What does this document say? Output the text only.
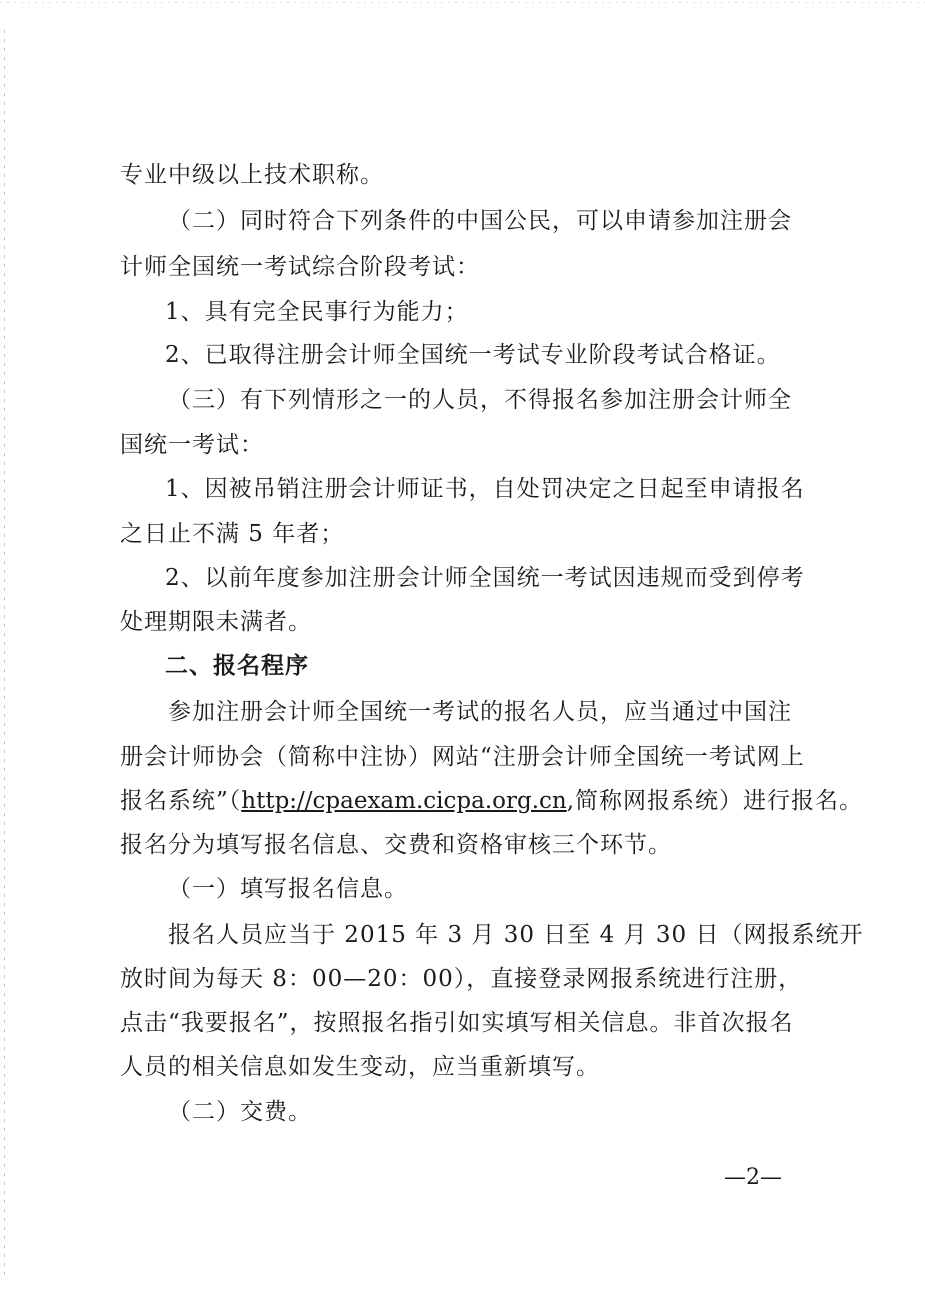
专业中级以上技术职称。

（二）同时符合下列条件的中国公民，可以申请参加注册会

计师全国统一考试综合阶段考试：

1、具有完全民事行为能力；

2、已取得注册会计师全国统一考试专业阶段考试合格证。

（三）有下列情形之一的人员，不得报名参加注册会计师全

国统一考试：

1、因被吊销注册会计师证书，自处罚决定之日起至申请报名

之日止不满 5 年者；

2、以前年度参加注册会计师全国统一考试因违规而受到停考

处理期限未满者。

二、报名程序

参加注册会计师全国统一考试的报名人员，应当通过中国注

册会计师协会（简称中注协）网站“注册会计师全国统一考试网上

报名系统”（http://cpaexam.cicpa.org.cn,简称网报系统）进行报名。

报名分为填写报名信息、交费和资格审核三个环节。

（一）填写报名信息。

报名人员应当于 2015 年 3 月 30 日至 4 月 30 日（网报系统开

放时间为每天 8：00—20：00），直接登录网报系统进行注册，

点击“我要报名”，按照报名指引如实填写相关信息。非首次报名

人员的相关信息如发生变动，应当重新填写。

（二）交费。

—2—
